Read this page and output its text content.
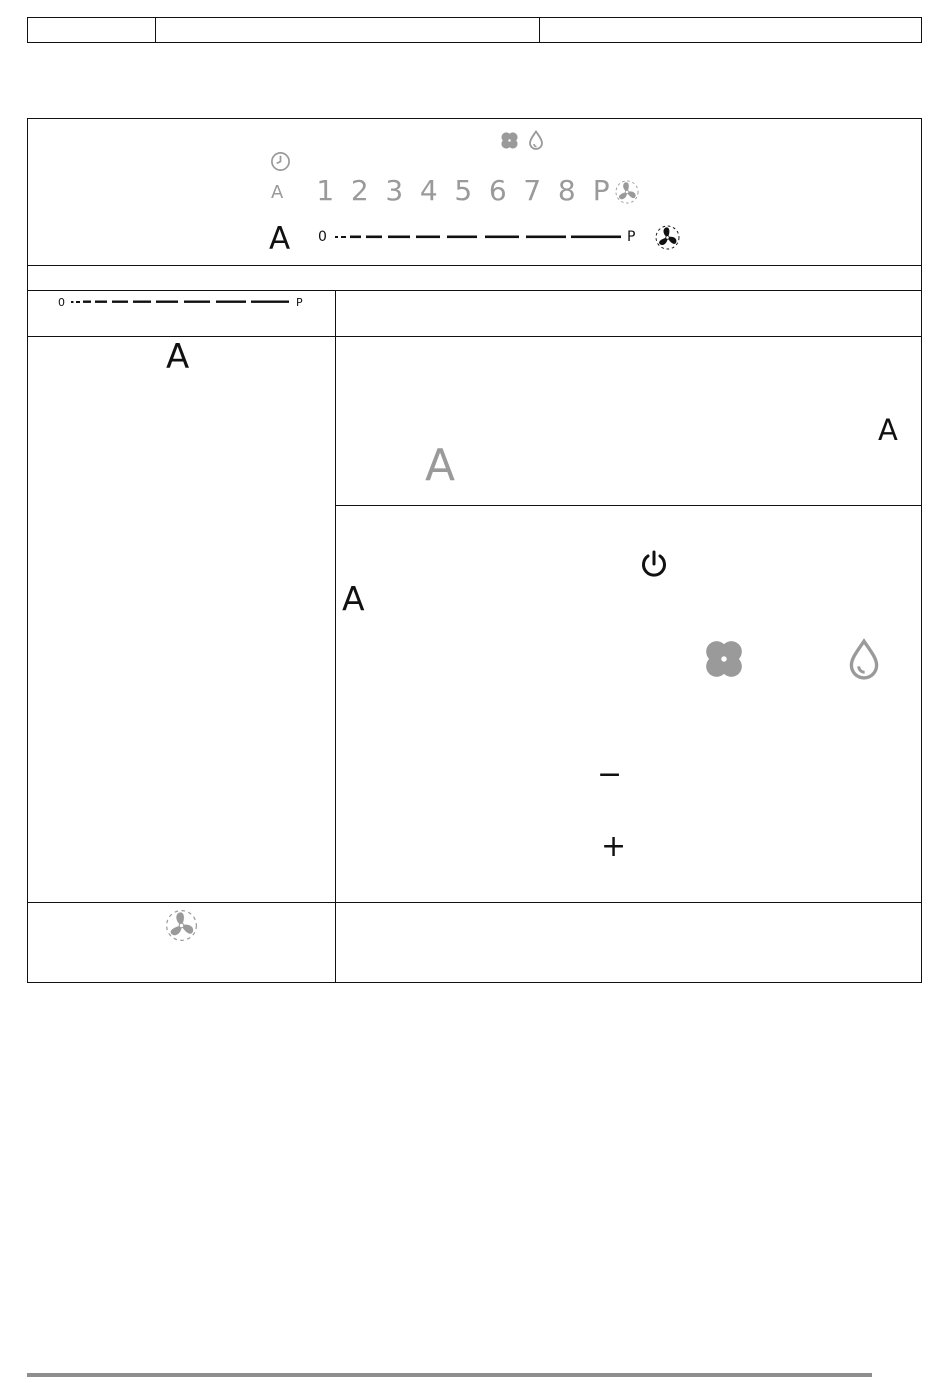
A 1 2 3 4 5 6 7 8 P
A 0	P
0	P
A
A
A
A
−
+
